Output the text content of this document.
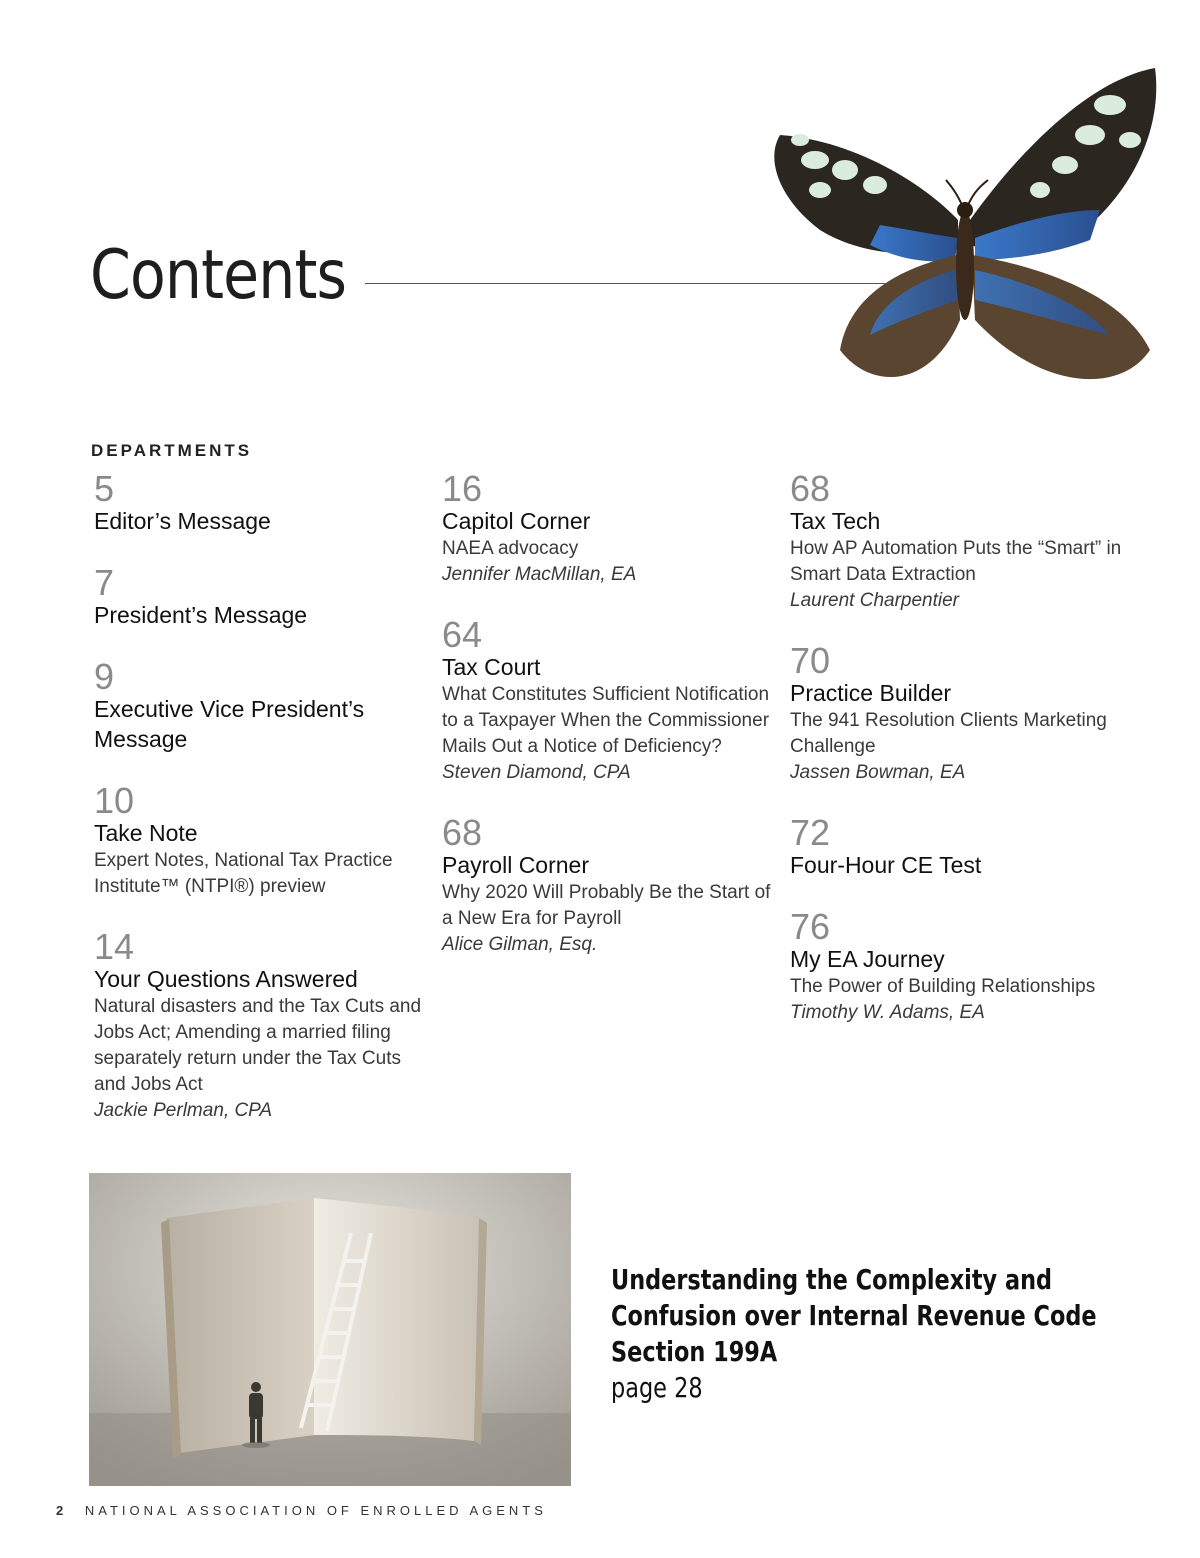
Contents
DEPARTMENTS
5
Editor’s Message
7
President’s Message
9
Executive Vice President’s Message
10
Take Note
Expert Notes, National Tax Practice Institute™ (NTPI®) preview
14
Your Questions Answered
Natural disasters and the Tax Cuts and Jobs Act; Amending a married filing separately return under the Tax Cuts and Jobs Act
Jackie Perlman, CPA
16
Capitol Corner
NAEA advocacy
Jennifer MacMillan, EA
64
Tax Court
What Constitutes Sufficient Notification to a Taxpayer When the Commissioner Mails Out a Notice of Deficiency?
Steven Diamond, CPA
68
Payroll Corner
Why 2020 Will Probably Be the Start of a New Era for Payroll
Alice Gilman, Esq.
68
Tax Tech
How AP Automation Puts the “Smart” in Smart Data Extraction
Laurent Charpentier
70
Practice Builder
The 941 Resolution Clients Marketing Challenge
Jassen Bowman, EA
72
Four-Hour CE Test
76
My EA Journey
The Power of Building Relationships
Timothy W. Adams, EA
Understanding the Complexity and Confusion over Internal Revenue Code Section 199A
page 28
2 NATIONAL ASSOCIATION OF ENROLLED AGENTS
